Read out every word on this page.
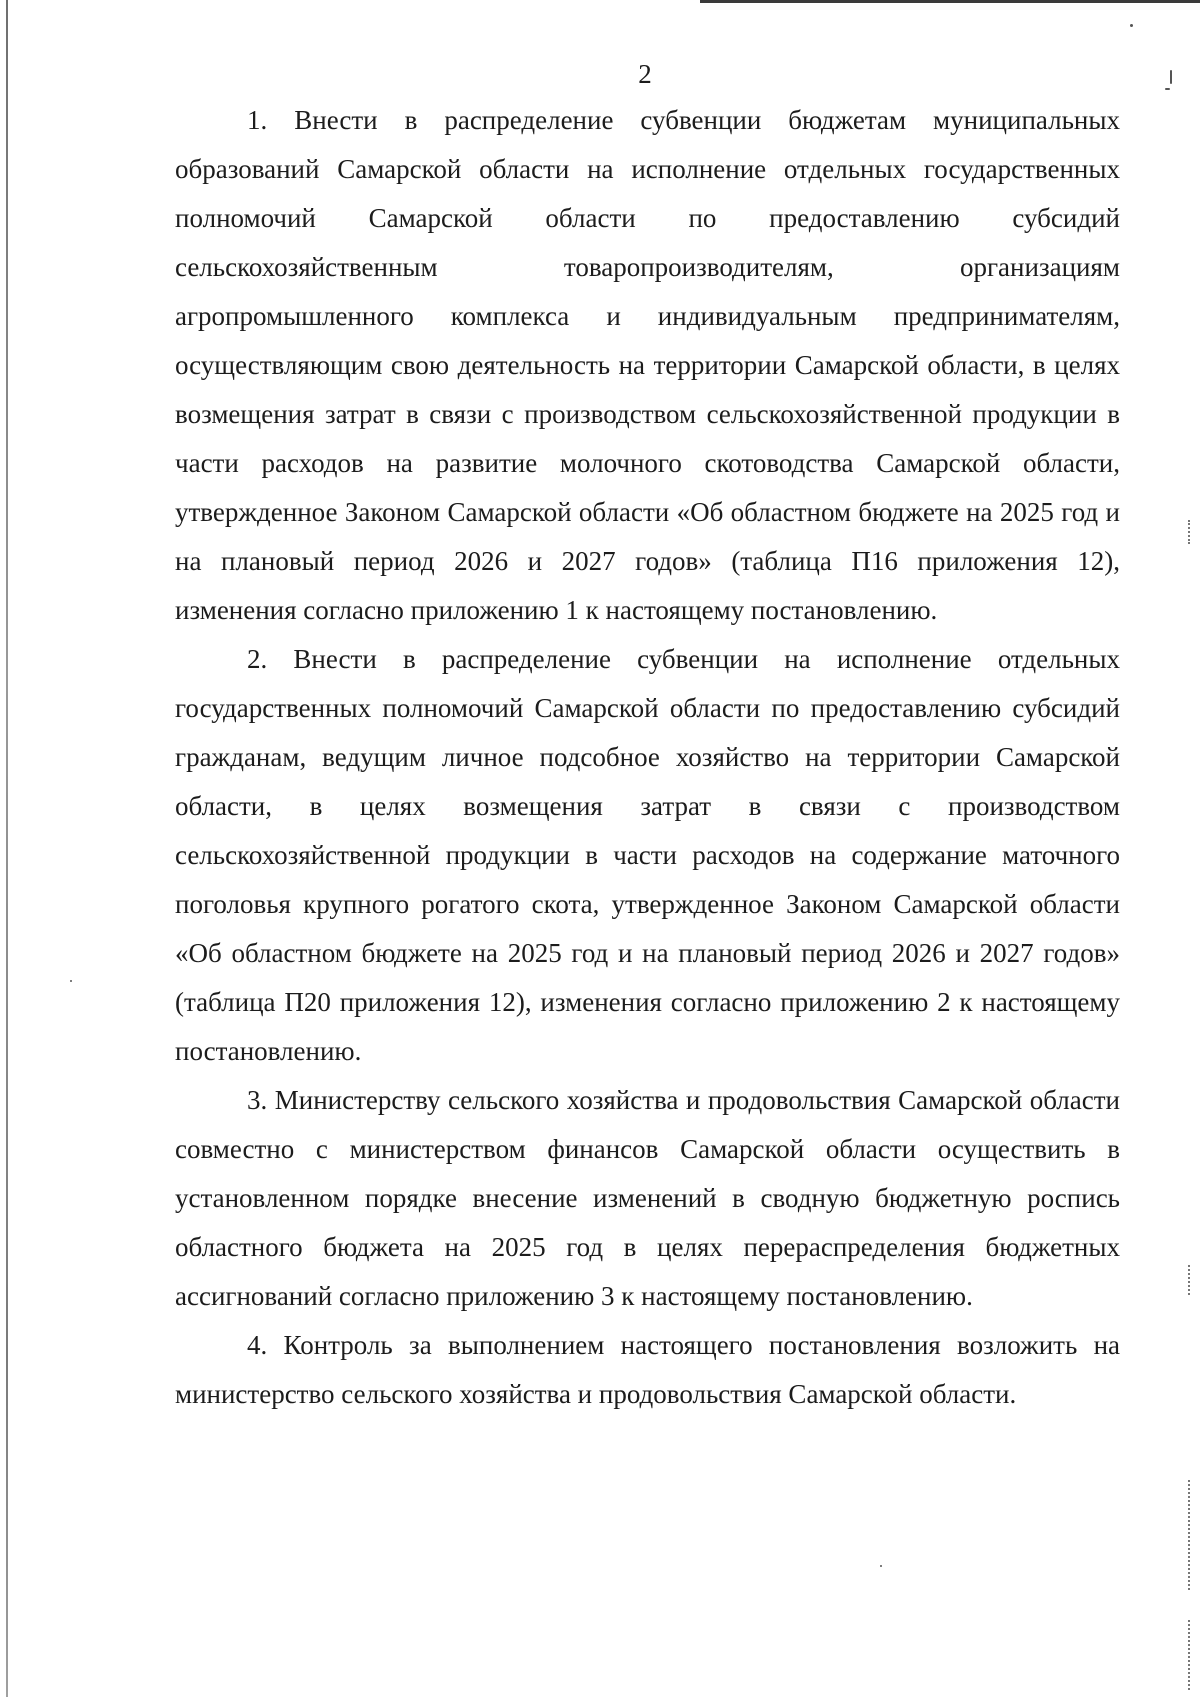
2

1. Внести в распределение субвенции бюджетам муниципальных образований Самарской области на исполнение отдельных государственных полномочий Самарской области по предоставлению субсидий сельскохозяйственным товаропроизводителям, организациям агропромышленного комплекса и индивидуальным предпринимателям, осуществляющим свою деятельность на территории Самарской области, в целях возмещения затрат в связи с производством сельскохозяйственной продукции в части расходов на развитие молочного скотоводства Самарской области, утвержденное Законом Самарской области «Об областном бюджете на 2025 год и на плановый период 2026 и 2027 годов» (таблица П16 приложения 12), изменения согласно приложению 1 к настоящему постановлению.

2. Внести в распределение субвенции на исполнение отдельных государственных полномочий Самарской области по предоставлению субсидий гражданам, ведущим личное подсобное хозяйство на территории Самарской области, в целях возмещения затрат в связи с производством сельскохозяйственной продукции в части расходов на содержание маточного поголовья крупного рогатого скота, утвержденное Законом Самарской области «Об областном бюджете на 2025 год и на плановый период 2026 и 2027 годов» (таблица П20 приложения 12), изменения согласно приложению 2 к настоящему постановлению.

3. Министерству сельского хозяйства и продовольствия Самарской области совместно с министерством финансов Самарской области осуществить в установленном порядке внесение изменений в сводную бюджетную роспись областного бюджета на 2025 год в целях перераспределения бюджетных ассигнований согласно приложению 3 к настоящему постановлению.

4. Контроль за выполнением настоящего постановления возложить на министерство сельского хозяйства и продовольствия Самарской области.
